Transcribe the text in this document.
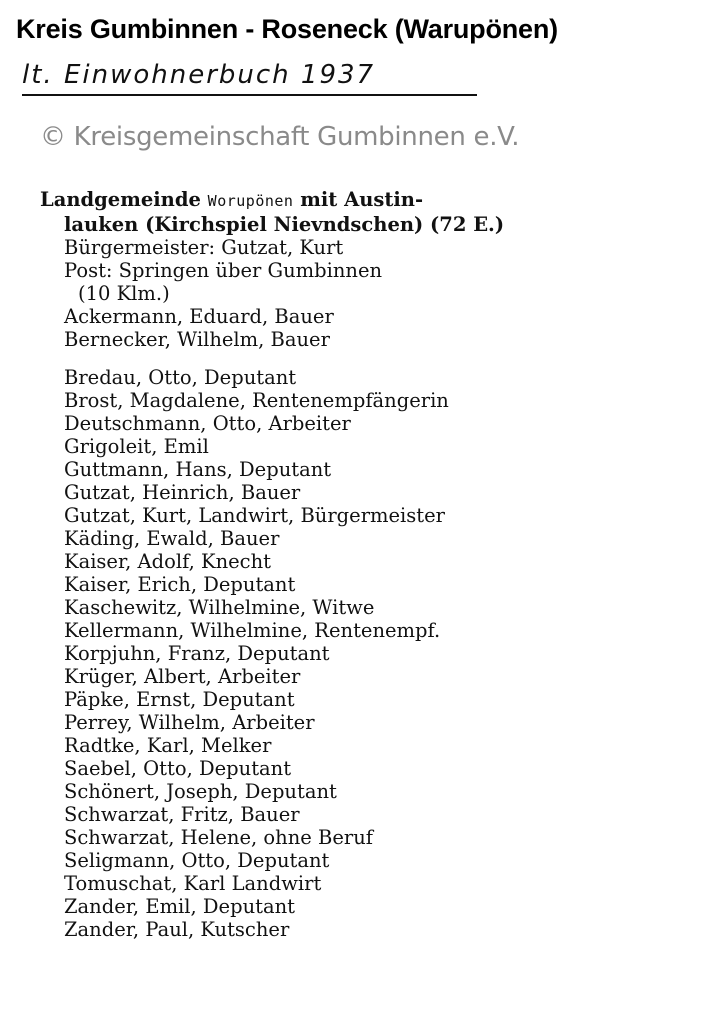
Kreis Gumbinnen - Roseneck (Warupönen)
lt. Einwohnerbuch 1937
© Kreisgemeinschaft Gumbinnen e.V.
Landgemeinde Worupönen mit Austin-
lauken (Kirchspiel Nievndschen) (72 E.)
Bürgermeister: Gutzat, Kurt
Post: Springen über Gumbinnen
(10 Klm.)
Ackermann, Eduard, Bauer
Bernecker, Wilhelm, Bauer
Bredau, Otto, Deputant
Brost, Magdalene, Rentenempfängerin
Deutschmann, Otto, Arbeiter
Grigoleit, Emil
Guttmann, Hans, Deputant
Gutzat, Heinrich, Bauer
Gutzat, Kurt, Landwirt, Bürgermeister
Käding, Ewald, Bauer
Kaiser, Adolf, Knecht
Kaiser, Erich, Deputant
Kaschewitz, Wilhelmine, Witwe
Kellermann, Wilhelmine, Rentenempf.
Korpjuhn, Franz, Deputant
Krüger, Albert, Arbeiter
Päpke, Ernst, Deputant
Perrey, Wilhelm, Arbeiter
Radtke, Karl, Melker
Saebel, Otto, Deputant
Schönert, Joseph, Deputant
Schwarzat, Fritz, Bauer
Schwarzat, Helene, ohne Beruf
Seligmann, Otto, Deputant
Tomuschat, Karl Landwirt
Zander, Emil, Deputant
Zander, Paul, Kutscher
